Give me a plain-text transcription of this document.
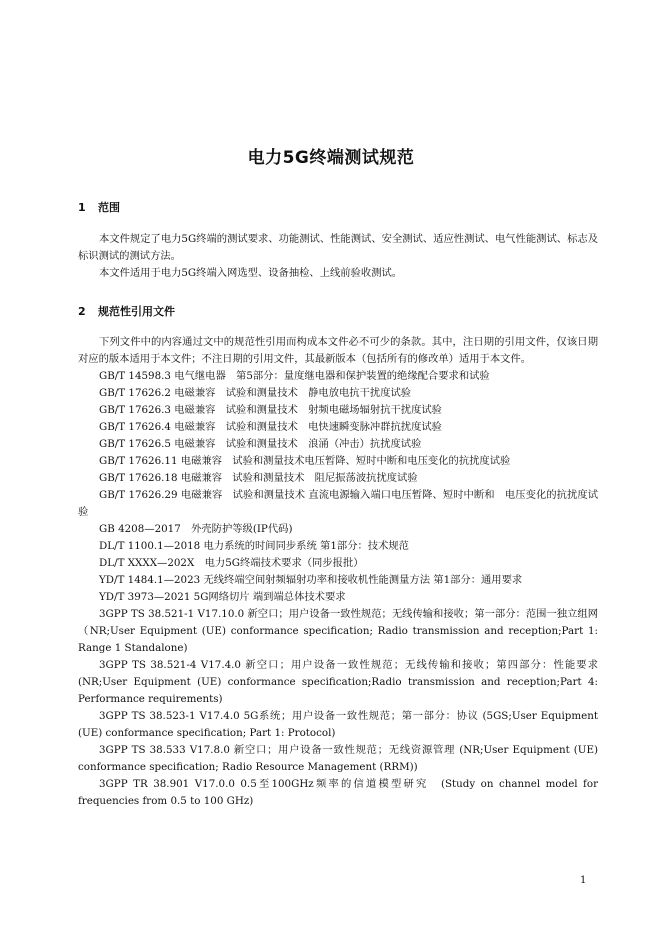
电力5G终端测试规范
1 范围

本文件规定了电力5G终端的测试要求、功能测试、性能测试、安全测试、适应性测试、电气性能测试、标志及标识测试的测试方法。

本文件适用于电力5G终端入网选型、设备抽检、上线前验收测试。

2 规范性引用文件

下列文件中的内容通过文中的规范性引用而构成本文件必不可少的条款。其中，注日期的引用文件，仅该日期对应的版本适用于本文件；不注日期的引用文件，其最新版本（包括所有的修改单）适用于本文件。

GB/T 14598.3 电气继电器　第5部分：量度继电器和保护装置的绝缘配合要求和试验

GB/T 17626.2 电磁兼容　试验和测量技术　静电放电抗干扰度试验

GB/T 17626.3 电磁兼容　试验和测量技术　射频电磁场辐射抗干扰度试验

GB/T 17626.4 电磁兼容　试验和测量技术　电快速瞬变脉冲群抗扰度试验

GB/T 17626.5 电磁兼容　试验和测量技术　浪涌（冲击）抗扰度试验

GB/T 17626.11 电磁兼容　试验和测量技术电压暂降、短时中断和电压变化的抗扰度试验

GB/T 17626.18 电磁兼容　试验和测量技术　阻尼振荡波抗扰度试验

GB/T 17626.29 电磁兼容　试验和测量技术 直流电源输入端口电压暂降、短时中断和　电压变化的抗扰度试验

GB 4208—2017　外壳防护等级(IP代码)

DL/T 1100.1—2018 电力系统的时间同步系统 第1部分：技术规范

DL/T XXXX—202X　电力5G终端技术要求（同步报批）

YD/T 1484.1—2023 无线终端空间射频辐射功率和接收机性能测量方法 第1部分：通用要求

YD/T 3973—2021 5G网络切片 端到端总体技术要求

3GPP TS 38.521-1 V17.10.0 新空口；用户设备一致性规范；无线传输和接收；第一部分：范围一独立组网（NR;User Equipment (UE) conformance specification; Radio transmission and reception;Part 1: Range 1 Standalone)

3GPP TS 38.521-4 V17.4.0 新空口；用户设备一致性规范；无线传输和接收；第四部分：性能要求 (NR;User Equipment (UE) conformance specification;Radio transmission and reception;Part 4: Performance requirements)

3GPP TS 38.523-1 V17.4.0 5G系统；用户设备一致性规范；第一部分：协议 (5GS;User Equipment (UE) conformance specification; Part 1: Protocol)

3GPP TS 38.533 V17.8.0 新空口；用户设备一致性规范；无线资源管理 (NR;User Equipment (UE) conformance specification; Radio Resource Management (RRM))

3GPP TR 38.901 V17.0.0 0.5至100GHz频率的信道模型研究　(Study on channel model for frequencies from 0.5 to 100 GHz)

1
